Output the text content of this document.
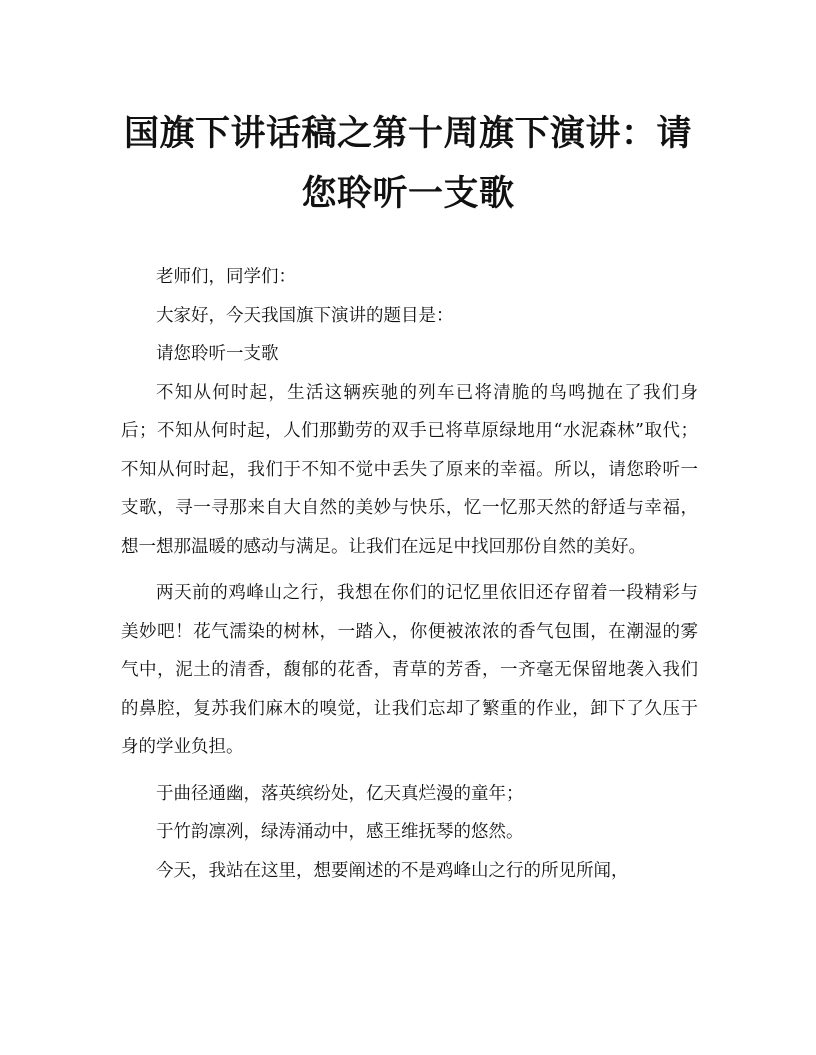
国旗下讲话稿之第十周旗下演讲：请您聆听一支歌

老师们，同学们：

大家好，今天我国旗下演讲的题目是：

请您聆听一支歌

不知从何时起，生活这辆疾驰的列车已将清脆的鸟鸣抛在了我们身后；不知从何时起，人们那勤劳的双手已将草原绿地用“水泥森林”取代；不知从何时起，我们于不知不觉中丢失了原来的幸福。所以，请您聆听一支歌，寻一寻那来自大自然的美妙与快乐，忆一忆那天然的舒适与幸福，想一想那温暖的感动与满足。让我们在远足中找回那份自然的美好。

两天前的鸡峰山之行，我想在你们的记忆里依旧还存留着一段精彩与美妙吧！花气濡染的树林，一踏入，你便被浓浓的香气包围，在潮湿的雾气中，泥土的清香，馥郁的花香，青草的芳香，一齐毫无保留地袭入我们的鼻腔，复苏我们麻木的嗅觉，让我们忘却了繁重的作业，卸下了久压于身的学业负担。

于曲径通幽，落英缤纷处，亿天真烂漫的童年；

于竹韵凛冽，绿涛涌动中，感王维抚琴的悠然。

今天，我站在这里，想要阐述的不是鸡峰山之行的所见所闻，
